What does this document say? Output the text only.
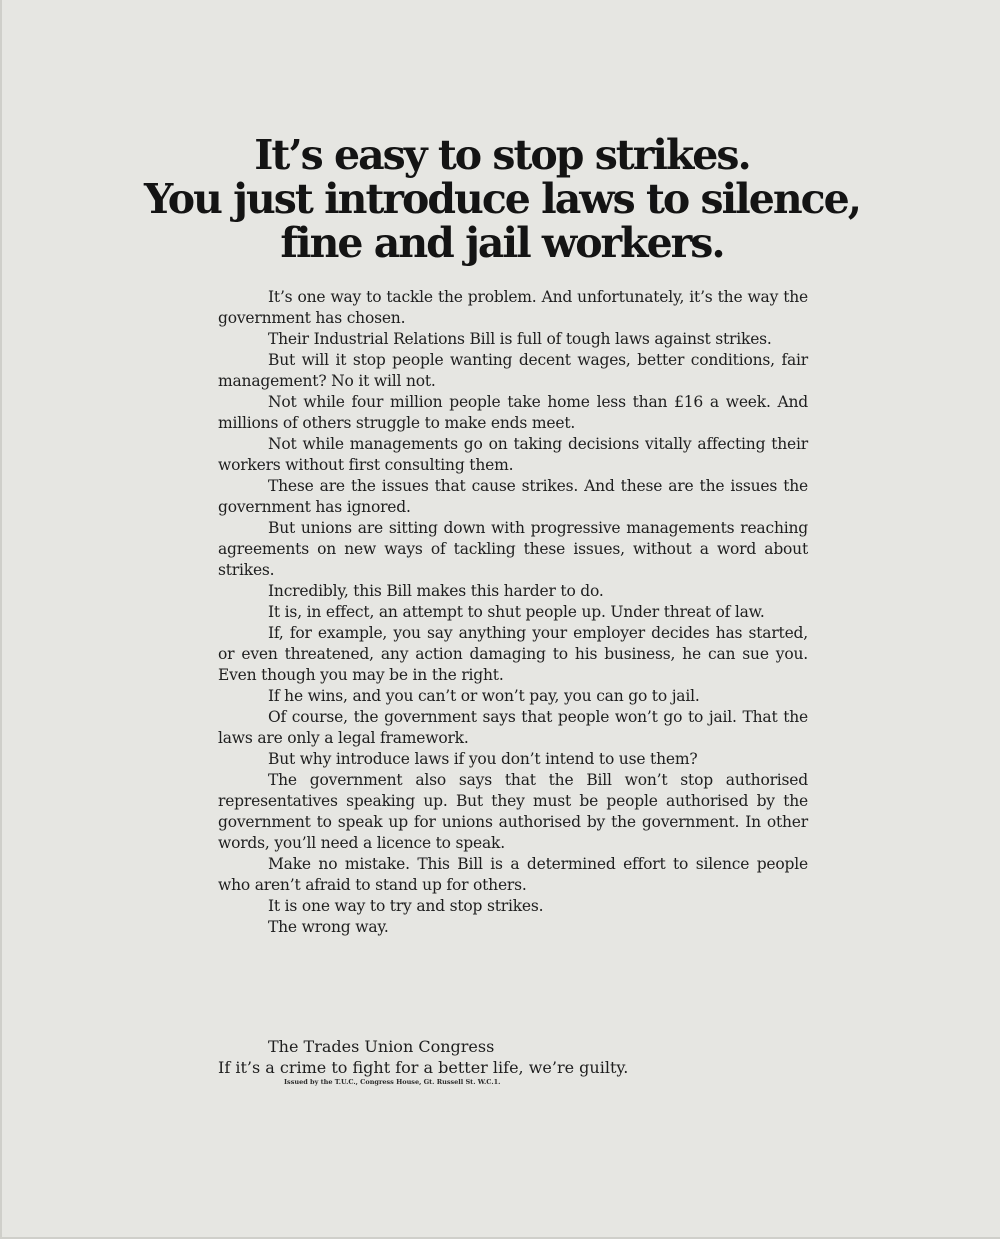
It’s easy to stop strikes.
You just introduce laws to silence,
fine and jail workers.

It’s one way to tackle the problem. And unfortunately, it’s the way the government has chosen.

Their Industrial Relations Bill is full of tough laws against strikes.

But will it stop people wanting decent wages, better conditions, fair management? No it will not.

Not while four million people take home less than £16 a week. And millions of others struggle to make ends meet.

Not while managements go on taking decisions vitally affecting their workers without first consulting them.

These are the issues that cause strikes. And these are the issues the government has ignored.

But unions are sitting down with progressive managements reaching agreements on new ways of tackling these issues, without a word about strikes.

Incredibly, this Bill makes this harder to do.

It is, in effect, an attempt to shut people up. Under threat of law.

If, for example, you say anything your employer decides has started, or even threatened, any action damaging to his business, he can sue you. Even though you may be in the right.

If he wins, and you can’t or won’t pay, you can go to jail.

Of course, the government says that people won’t go to jail. That the laws are only a legal framework.

But why introduce laws if you don’t intend to use them?

The government also says that the Bill won’t stop authorised representatives speaking up. But they must be people authorised by the government to speak up for unions authorised by the government. In other words, you’ll need a licence to speak.

Make no mistake. This Bill is a determined effort to silence people who aren’t afraid to stand up for others.

It is one way to try and stop strikes.

The wrong way.

The Trades Union Congress
If it’s a crime to fight for a better life, we’re guilty.
Issued by the T.U.C., Congress House, Gt. Russell St. W.C.1.
